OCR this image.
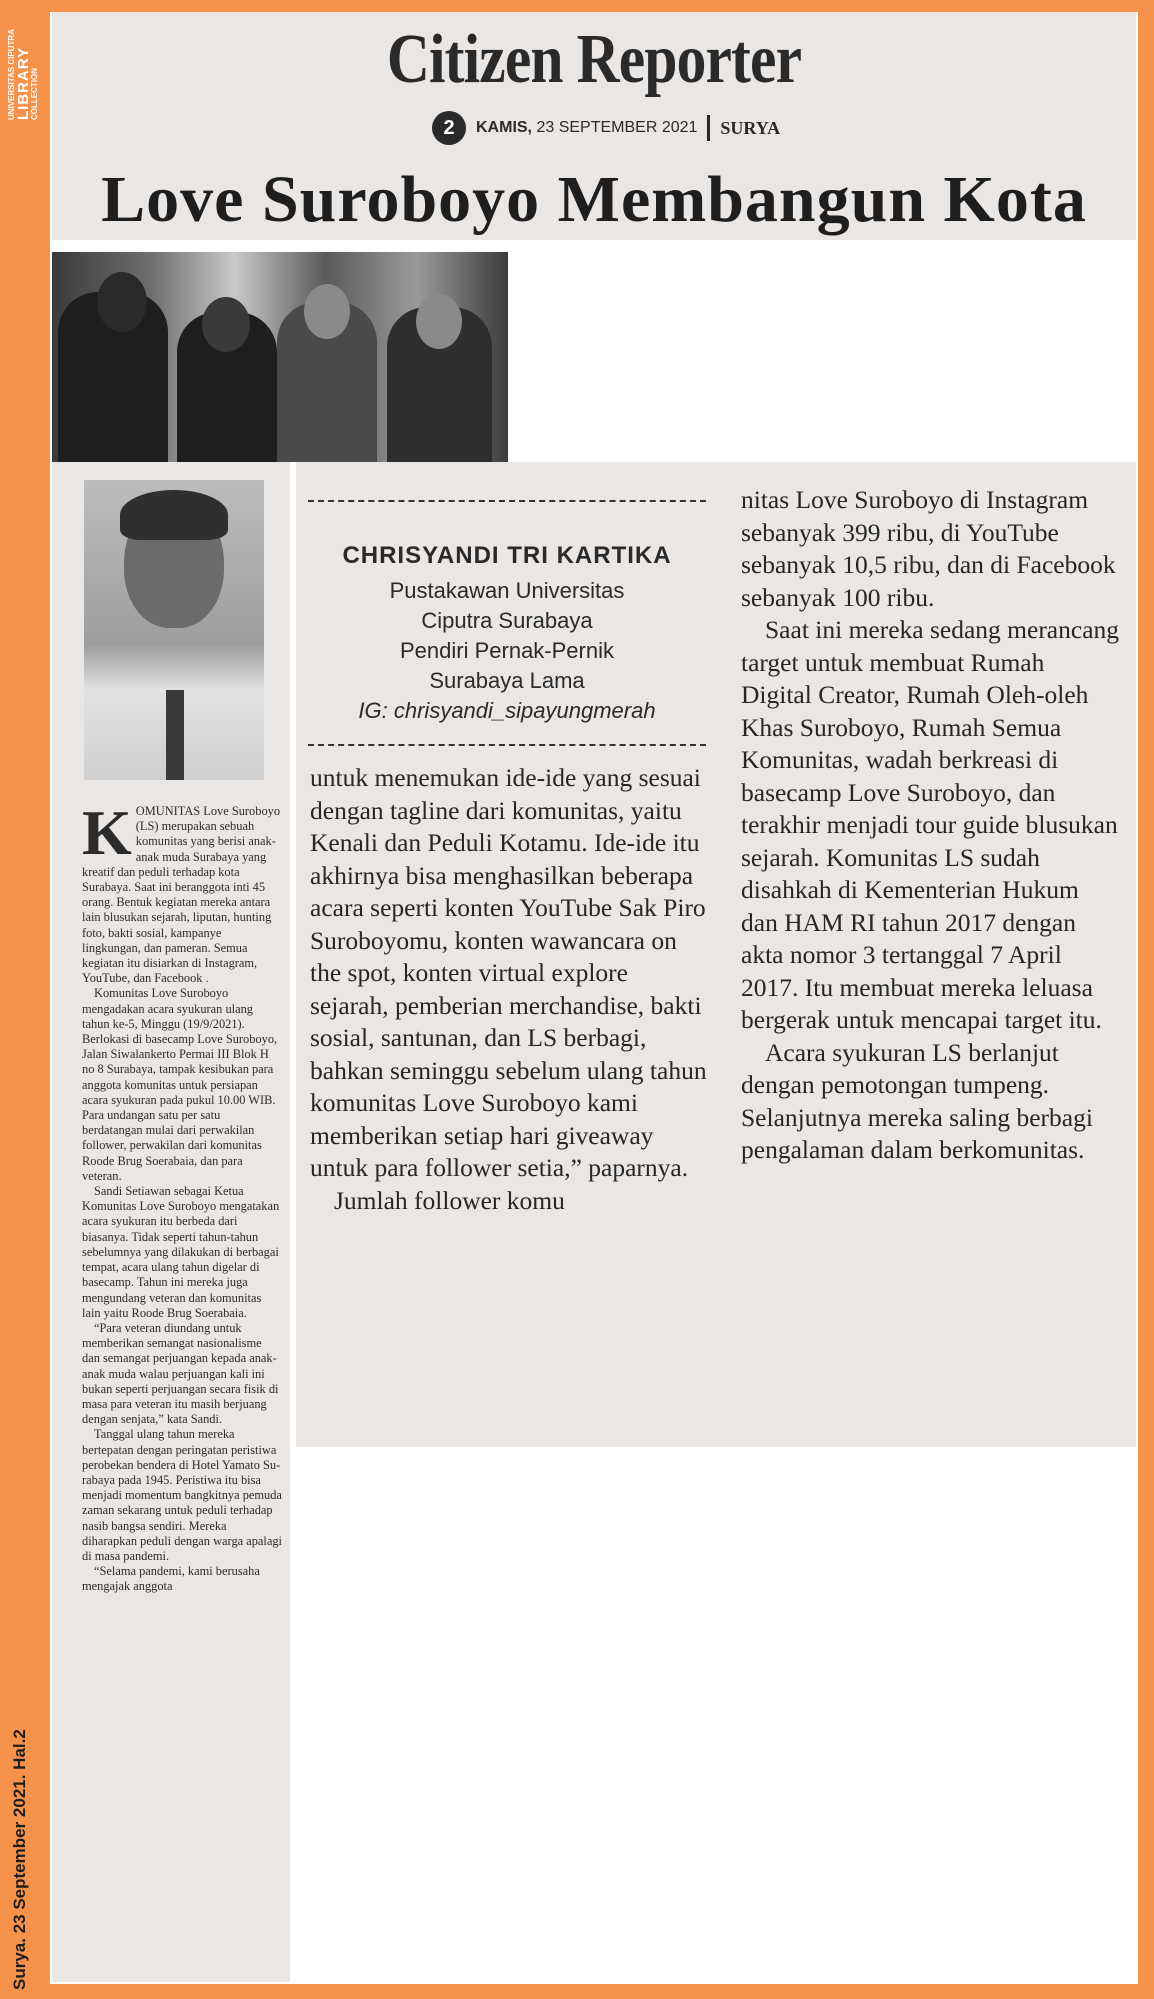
UNIVERSITAS CIPUTRA LIBRARY
COLLECTION
Surya. 23 September 2021. Hal.2
Citizen Reporter
2	KAMIS, 23 SEPTEMBER 2021 SURYA
Love Suroboyo Membangun Kota

KOMUNITAS Love Suroboyo (LS) merupakan sebuah komunitas yang berisi anak-anak muda Surabaya yang kreatif dan peduli terhadap kota Surabaya. Saat ini beranggota inti 45 orang. Bentuk kegiatan mereka antara lain blusukan sejarah, liputan, hunting foto, bakti sosial, kampanye lingkungan, dan pameran. Semua kegiatan itu disiarkan di Instagram, YouTube, dan Facebook .

Komunitas Love Suroboyo mengadakan acara syukuran ulang tahun ke-5, Minggu (19/9/2021). Berlokasi di basecamp Love Suroboyo, Jalan Siwalankerto Permai III Blok H no 8 Surabaya, tampak kesibukan para anggota komunitas untuk persiapan acara syukuran pada pukul 10.00 WIB. Para undangan satu per satu berdatangan mulai dari perwakilan follower, perwakilan dari komunitas Roode Brug Soerabaia, dan para veteran.

Sandi Setiawan sebagai Ketua Komunitas Love Suroboyo mengatakan acara syukuran itu berbeda dari biasanya. Tidak seperti tahun-tahun sebelumnya yang dilakukan di berbagai tempat, acara ulang tahun digelar di basecamp. Tahun ini mereka juga mengundang veteran dan komunitas lain yaitu Roode Brug Soerabaia.

“Para veteran diundang untuk memberikan semangat nasionalisme dan semangat perjuangan kepada anak-anak muda walau perjuangan kali ini bukan seperti perjuangan secara fisik di masa para veteran itu masih berjuang dengan senjata,” kata Sandi.

Tanggal ulang tahun mereka bertepatan dengan peringatan peristiwa perobekan bendera di Hotel Yamato Surabaya pada 1945. Peristiwa itu bisa menjadi momentum bangkitnya pemuda zaman sekarang untuk peduli terhadap nasib bangsa sendiri. Mereka diharapkan peduli dengan warga apalagi di masa pandemi.

“Selama pandemi, kami berusaha mengajak anggota

CHRISYANDI TRI KARTIKA
Pustakawan Universitas
Ciputra Surabaya
Pendiri Pernak-Pernik
Surabaya Lama
IG: chrisyandi_sipayungmerah

untuk menemukan ide-ide yang sesuai dengan tagline dari komunitas, yaitu Kenali dan Peduli Kotamu. Ide-ide itu akhirnya bisa menghasilkan beberapa acara seperti konten YouTube Sak Piro Suroboyomu, konten wawancara on the spot, konten virtual explore sejarah, pemberian merchandise, bakti sosial, santunan, dan LS berbagi, bahkan seminggu sebelum ulang tahun komunitas Love Suroboyo kami memberikan setiap hari giveaway untuk para follower setia,” paparnya.

Jumlah follower komu

nitas Love Suroboyo di Instagram sebanyak 399 ribu, di YouTube sebanyak 10,5 ribu, dan di Facebook sebanyak 100 ribu.

Saat ini mereka sedang merancang target untuk membuat Rumah Digital Creator, Rumah Oleh-oleh Khas Suroboyo, Rumah Semua Komunitas, wadah berkreasi di basecamp Love Suroboyo, dan terakhir menjadi tour guide blusukan sejarah. Komunitas LS sudah disahkah di Kementerian Hukum dan HAM RI tahun 2017 dengan akta nomor 3 tertanggal 7 April 2017. Itu membuat mereka leluasa bergerak untuk mencapai target itu.

Acara syukuran LS berlanjut dengan pemotongan tumpeng. Selanjutnya mereka saling berbagi pengalaman dalam berkomunitas.
